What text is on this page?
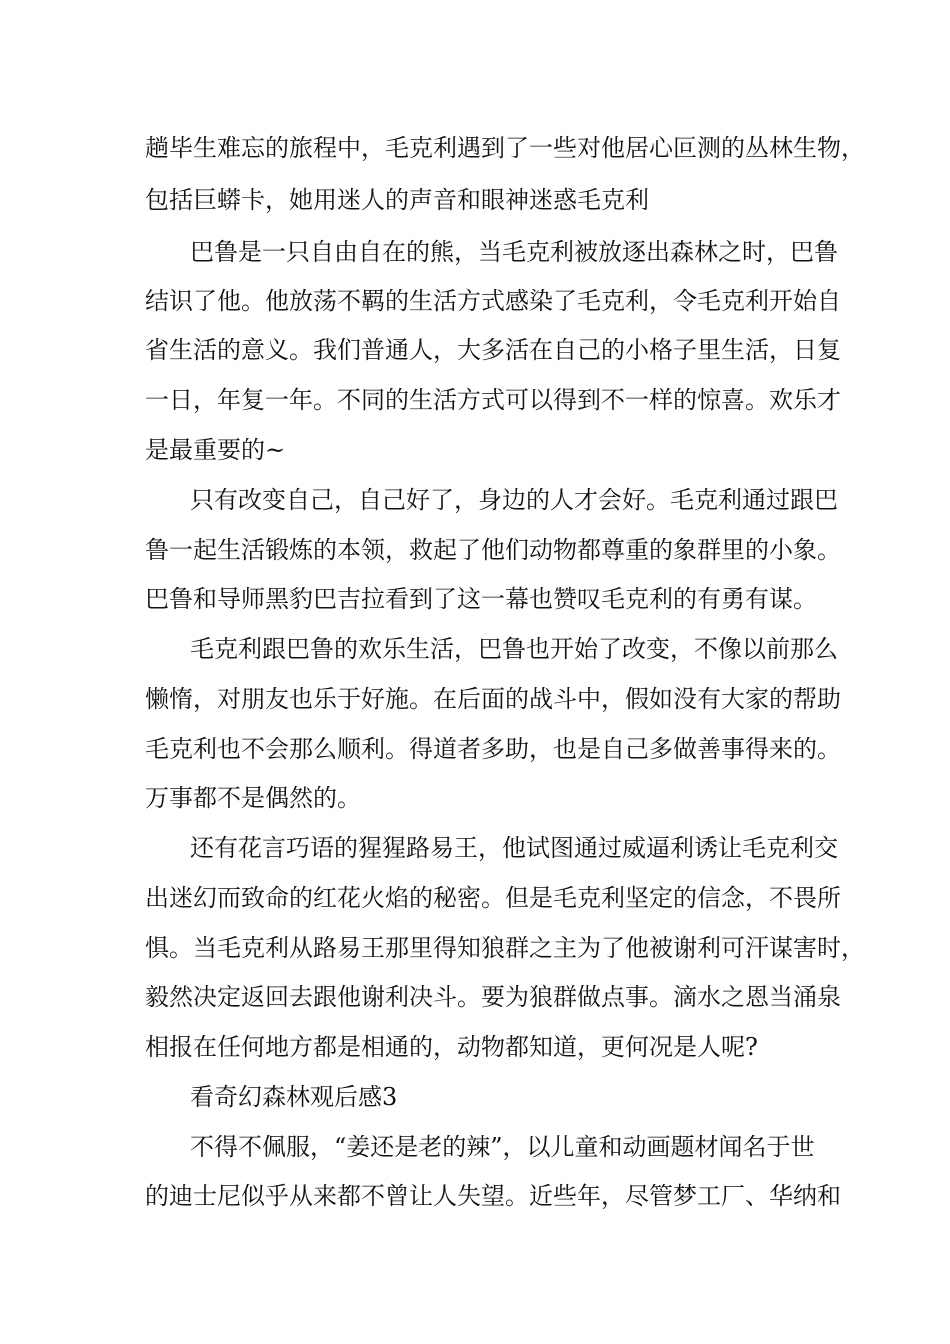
趟毕生难忘的旅程中，毛克利遇到了一些对他居心叵测的丛林生物，

包括巨蟒卡，她用迷人的声音和眼神迷惑毛克利

巴鲁是一只自由自在的熊，当毛克利被放逐出森林之时，巴鲁

结识了他。他放荡不羁的生活方式感染了毛克利，令毛克利开始自

省生活的意义。我们普通人，大多活在自己的小格子里生活，日复

一日，年复一年。不同的生活方式可以得到不一样的惊喜。欢乐才

是最重要的~

只有改变自己，自己好了，身边的人才会好。毛克利通过跟巴

鲁一起生活锻炼的本领，救起了他们动物都尊重的象群里的小象。

巴鲁和导师黑豹巴吉拉看到了这一幕也赞叹毛克利的有勇有谋。

毛克利跟巴鲁的欢乐生活，巴鲁也开始了改变，不像以前那么

懒惰，对朋友也乐于好施。在后面的战斗中，假如没有大家的帮助

毛克利也不会那么顺利。得道者多助，也是自己多做善事得来的。

万事都不是偶然的。

还有花言巧语的猩猩路易王，他试图通过威逼利诱让毛克利交

出迷幻而致命的红花火焰的秘密。但是毛克利坚定的信念，不畏所

惧。当毛克利从路易王那里得知狼群之主为了他被谢利可汗谋害时，

毅然决定返回去跟他谢利决斗。要为狼群做点事。滴水之恩当涌泉

相报在任何地方都是相通的，动物都知道，更何况是人呢?

看奇幻森林观后感3

不得不佩服，“姜还是老的辣”，以儿童和动画题材闻名于世

的迪士尼似乎从来都不曾让人失望。近些年，尽管梦工厂、华纳和
